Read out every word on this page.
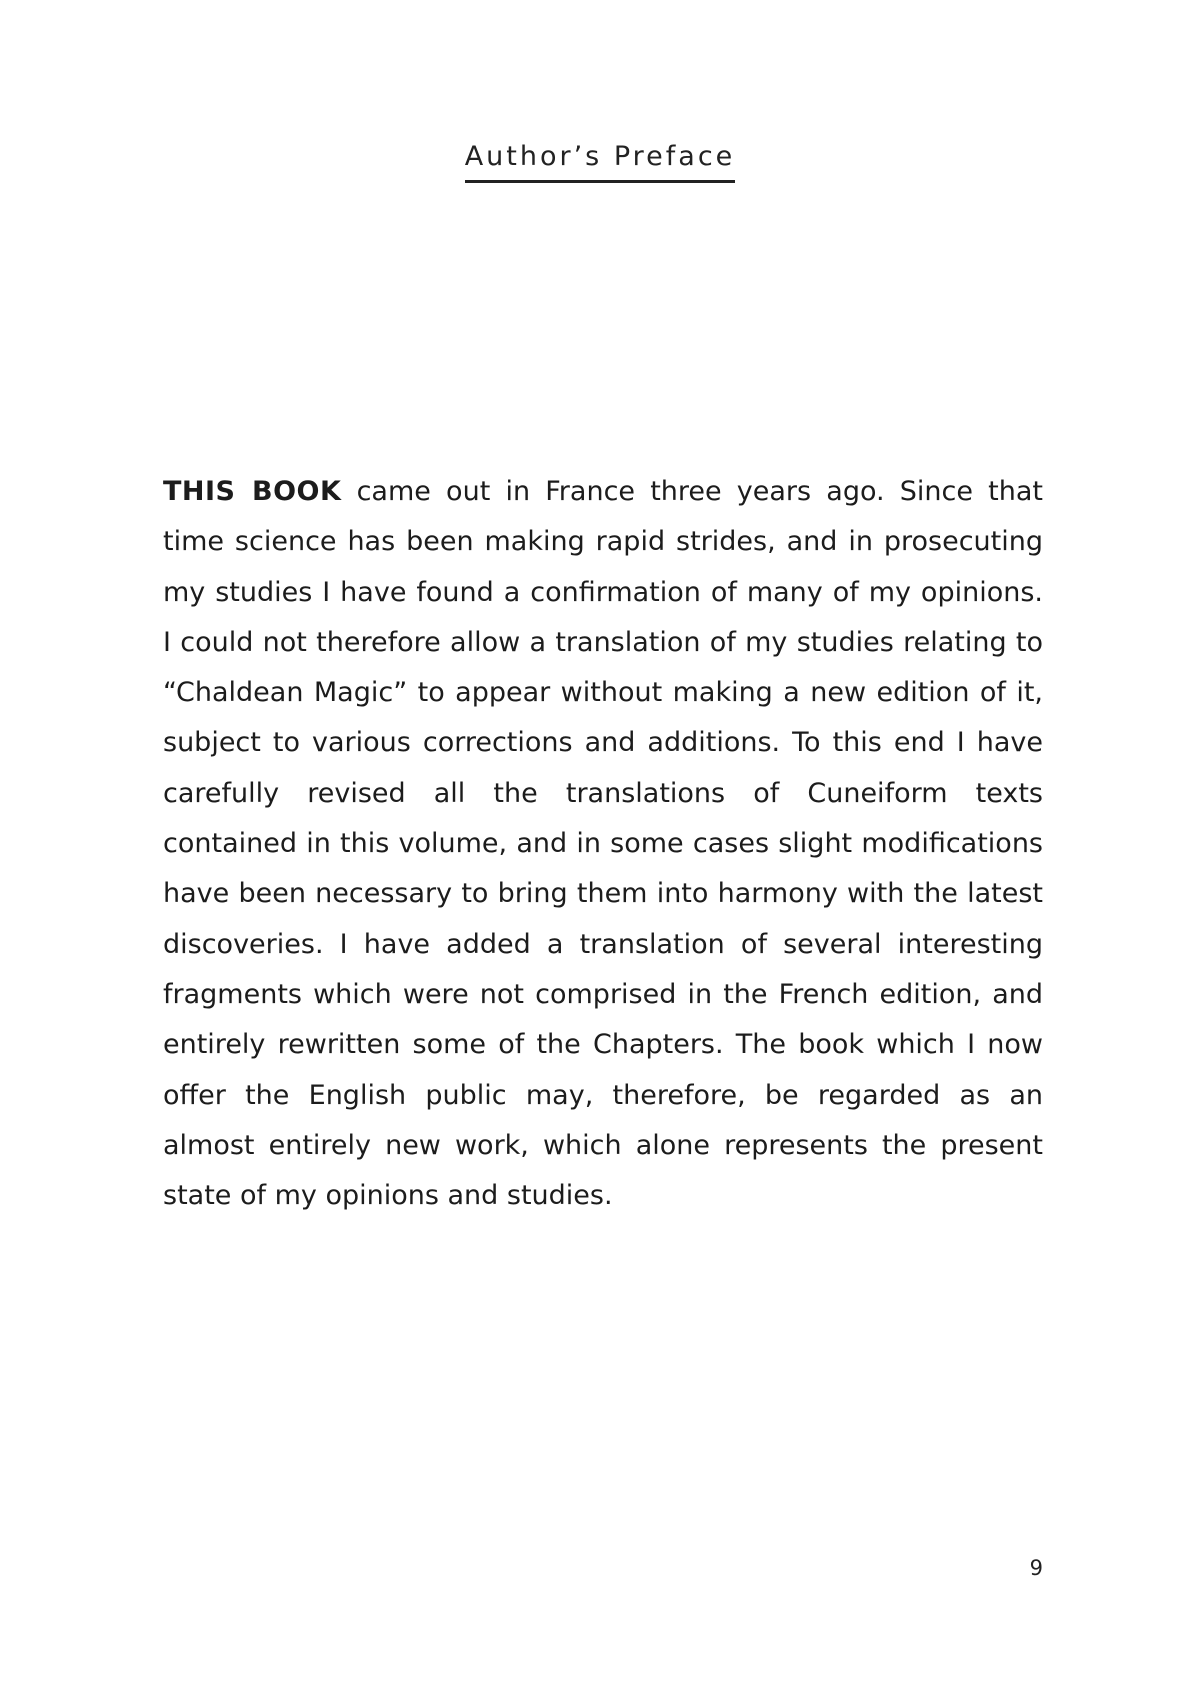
Author’s Preface

THIS BOOK came out in France three years ago. Since that time science has been making rapid strides, and in prosecuting my studies I have found a confirmation of many of my opinions. I could not therefore allow a translation of my studies relating to “Chaldean Magic” to appear without making a new edition of it, subject to various corrections and additions. To this end I have carefully revised all the translations of Cuneiform texts contained in this volume, and in some cases slight modifications have been necessary to bring them into harmony with the latest discoveries. I have added a translation of several interesting fragments which were not comprised in the French edition, and entirely rewritten some of the Chapters. The book which I now offer the English public may, therefore, be regarded as an almost entirely new work, which alone represents the present state of my opinions and studies.

9
